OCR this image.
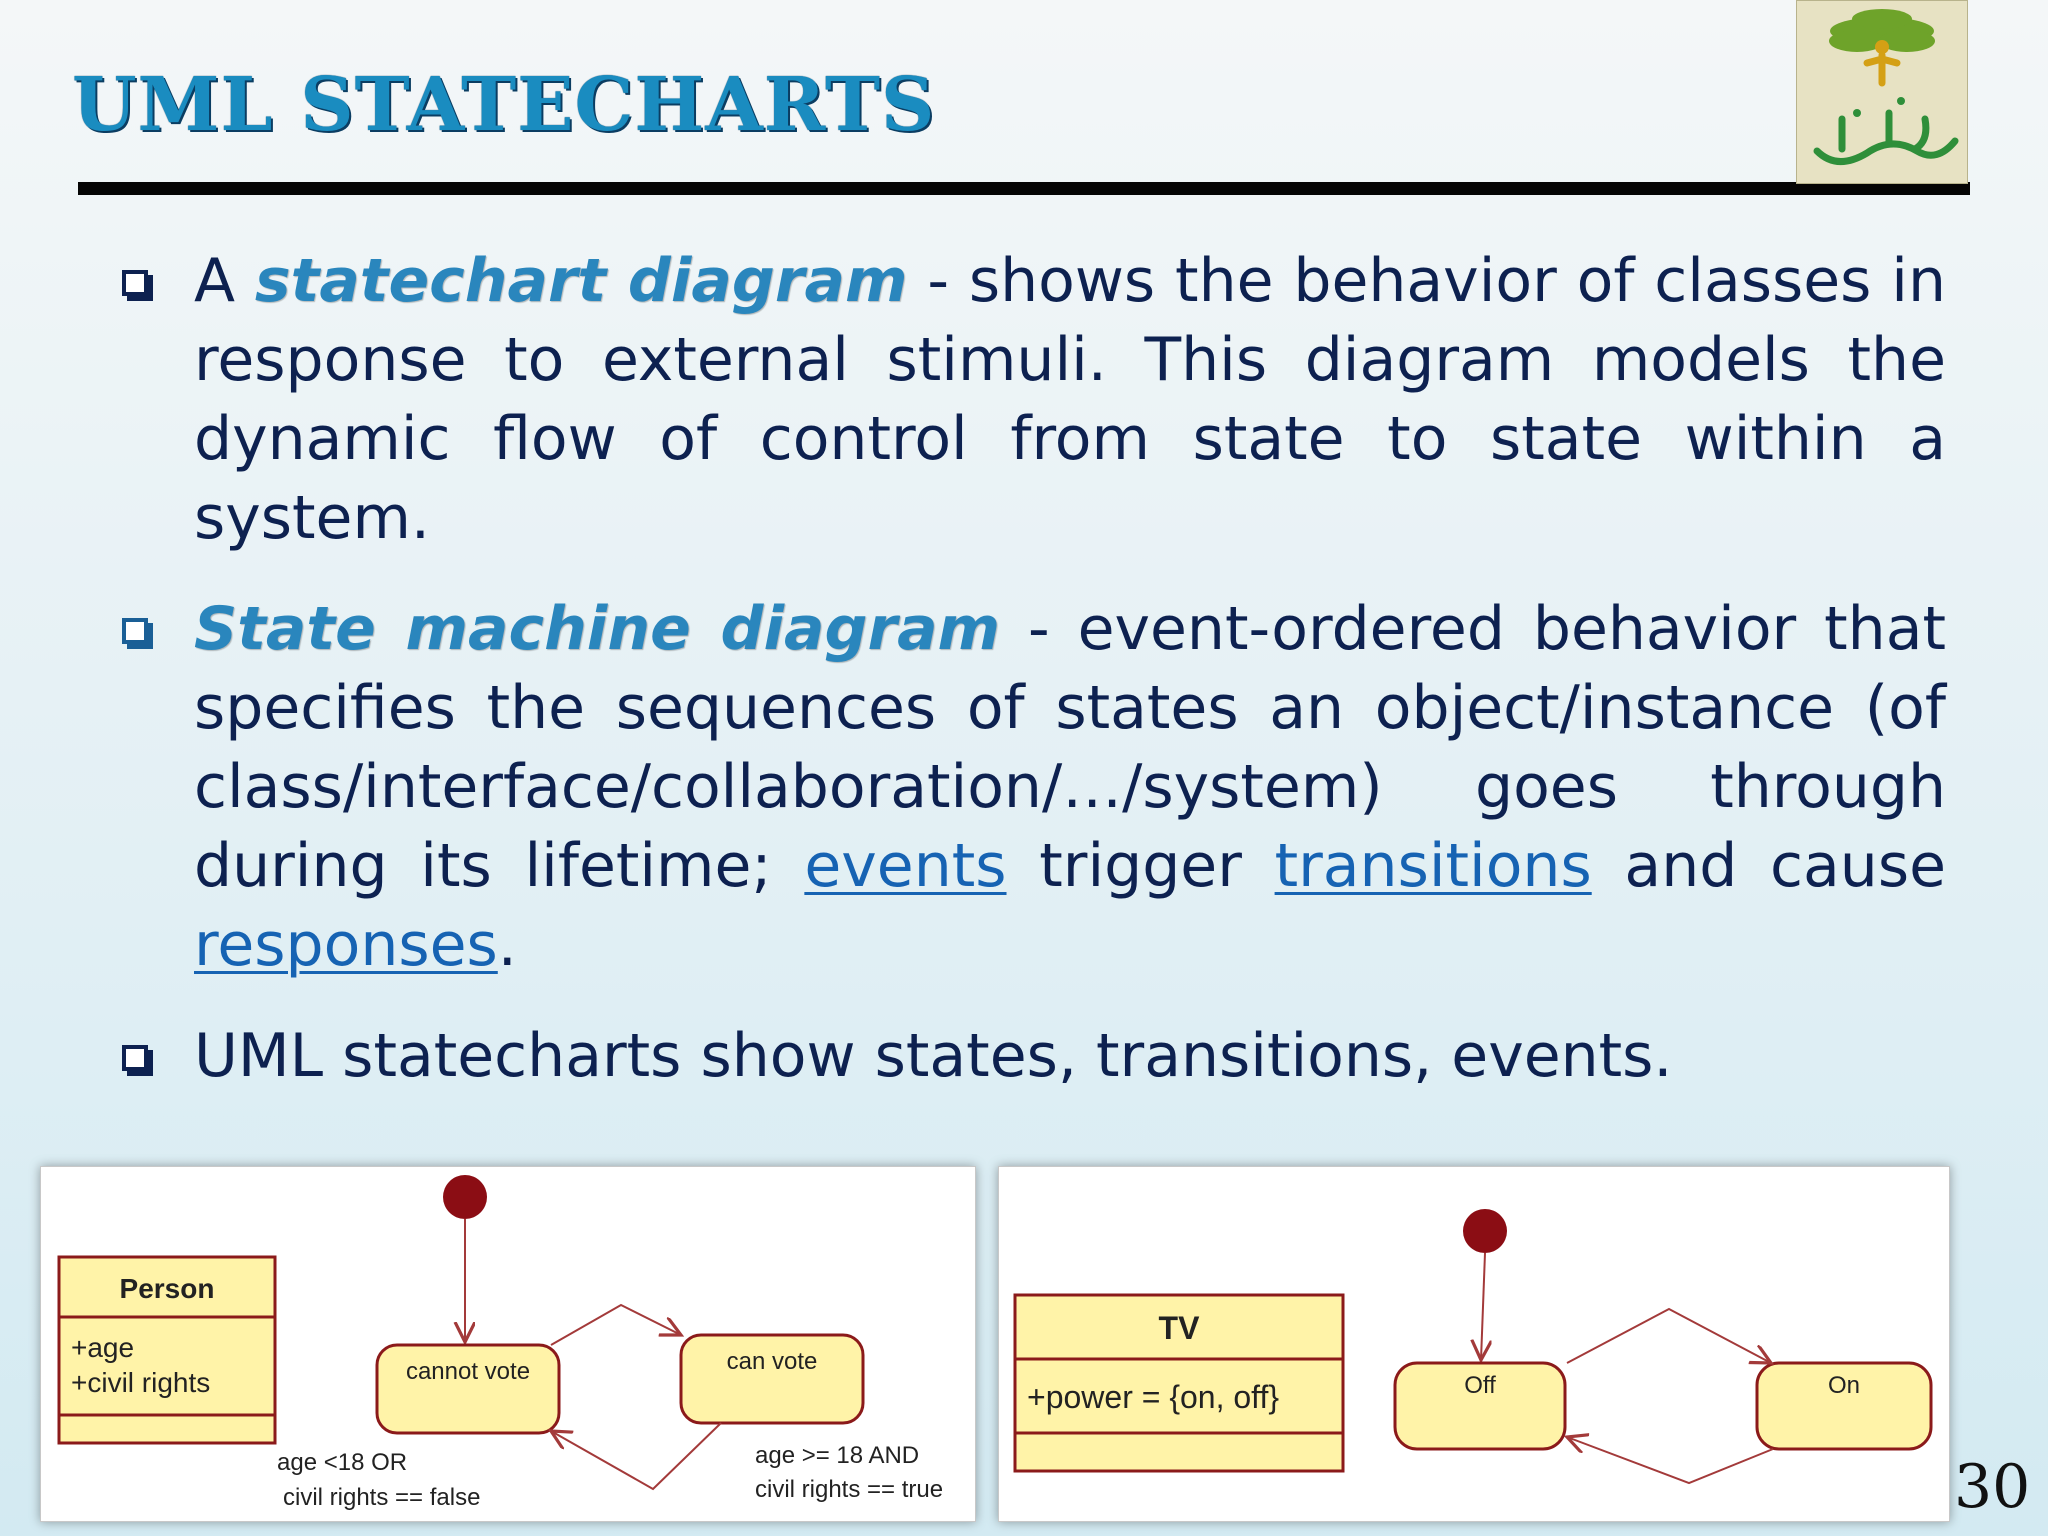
UML STATECHARTS
A statechart diagram - shows the behavior of classes in response to external stimuli. This diagram models the dynamic flow of control from state to state within a system.
State machine diagram - event-ordered behavior that specifies the sequences of states an object/instance (of class/interface/collaboration/…/system) goes through during its lifetime; events trigger transitions and cause responses.
UML statecharts show states, transitions, events.
Person
+age
+civil rights	cannot vote	can vote
age <18 OR
civil rights == false
age >= 18 AND
civil rights == true
TV
+power = {on, off}	Off	On
30
